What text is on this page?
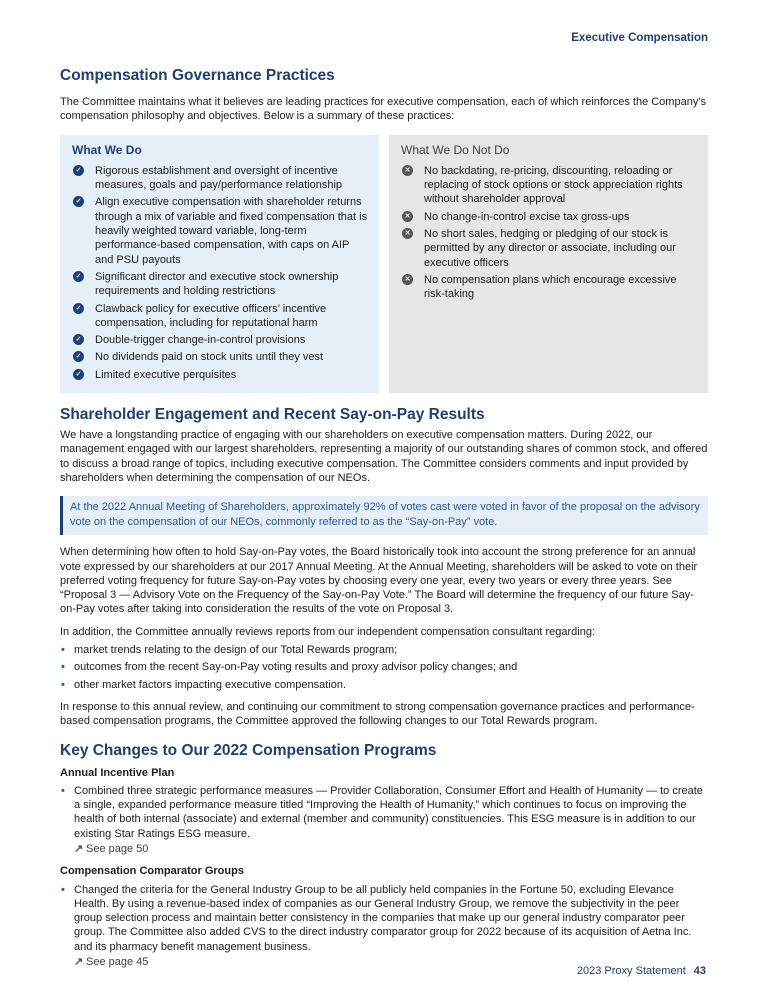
Executive Compensation
Compensation Governance Practices

The Committee maintains what it believes are leading practices for executive compensation, each of which reinforces the Company’s compensation philosophy and objectives. Below is a summary of these practices:

What We Do
✓ Rigorous establishment and oversight of incentive measures, goals and pay/performance relationship
✓ Align executive compensation with shareholder returns through a mix of variable and fixed compensation that is heavily weighted toward variable, long-term performance-based compensation, with caps on AIP and PSU payouts
✓ Significant director and executive stock ownership requirements and holding restrictions
✓ Clawback policy for executive officers’ incentive compensation, including for reputational harm
✓ Double-trigger change-in-control provisions
✓ No dividends paid on stock units until they vest
✓ Limited executive perquisites
What We Do Not Do
✕ No backdating, re-pricing, discounting, reloading or replacing of stock options or stock appreciation rights without shareholder approval
✕ No change-in-control excise tax gross-ups
✕ No short sales, hedging or pledging of our stock is permitted by any director or associate, including our executive officers
✕ No compensation plans which encourage excessive risk-taking
Shareholder Engagement and Recent Say-on-Pay Results

We have a longstanding practice of engaging with our shareholders on executive compensation matters. During 2022, our management engaged with our largest shareholders, representing a majority of our outstanding shares of common stock, and offered to discuss a broad range of topics, including executive compensation. The Committee considers comments and input provided by shareholders when determining the compensation of our NEOs.

At the 2022 Annual Meeting of Shareholders, approximately 92% of votes cast were voted in favor of the proposal on the advisory vote on the compensation of our NEOs, commonly referred to as the “Say-on-Pay” vote.

When determining how often to hold Say-on-Pay votes, the Board historically took into account the strong preference for an annual vote expressed by our shareholders at our 2017 Annual Meeting. At the Annual Meeting, shareholders will be asked to vote on their preferred voting frequency for future Say-on-Pay votes by choosing every one year, every two years or every three years. See “Proposal 3 — Advisory Vote on the Frequency of the Say-on-Pay Vote.” The Board will determine the frequency of our future Say-on-Pay votes after taking into consideration the results of the vote on Proposal 3.

In addition, the Committee annually reviews reports from our independent compensation consultant regarding:

• market trends relating to the design of our Total Rewards program;
• outcomes from the recent Say-on-Pay voting results and proxy advisor policy changes; and
• other market factors impacting executive compensation.

In response to this annual review, and continuing our commitment to strong compensation governance practices and performance-based compensation programs, the Committee approved the following changes to our Total Rewards program.

Key Changes to Our 2022 Compensation Programs

Annual Incentive Plan

• Combined three strategic performance measures — Provider Collaboration, Consumer Effort and Health of Humanity — to create a single, expanded performance measure titled “Improving the Health of Humanity,” which continues to focus on improving the health of both internal (associate) and external (member and community) constituencies. This ESG measure is in addition to our existing Star Ratings ESG measure.
↗ See page 50

Compensation Comparator Groups

• Changed the criteria for the General Industry Group to be all publicly held companies in the Fortune 50, excluding Elevance Health. By using a revenue-based index of companies as our General Industry Group, we remove the subjectivity in the peer group selection process and maintain better consistency in the companies that make up our general industry comparator peer group. The Committee also added CVS to the direct industry comparator group for 2022 because of its acquisition of Aetna Inc. and its pharmacy benefit management business.
↗ See page 45
2023 Proxy Statement 43
